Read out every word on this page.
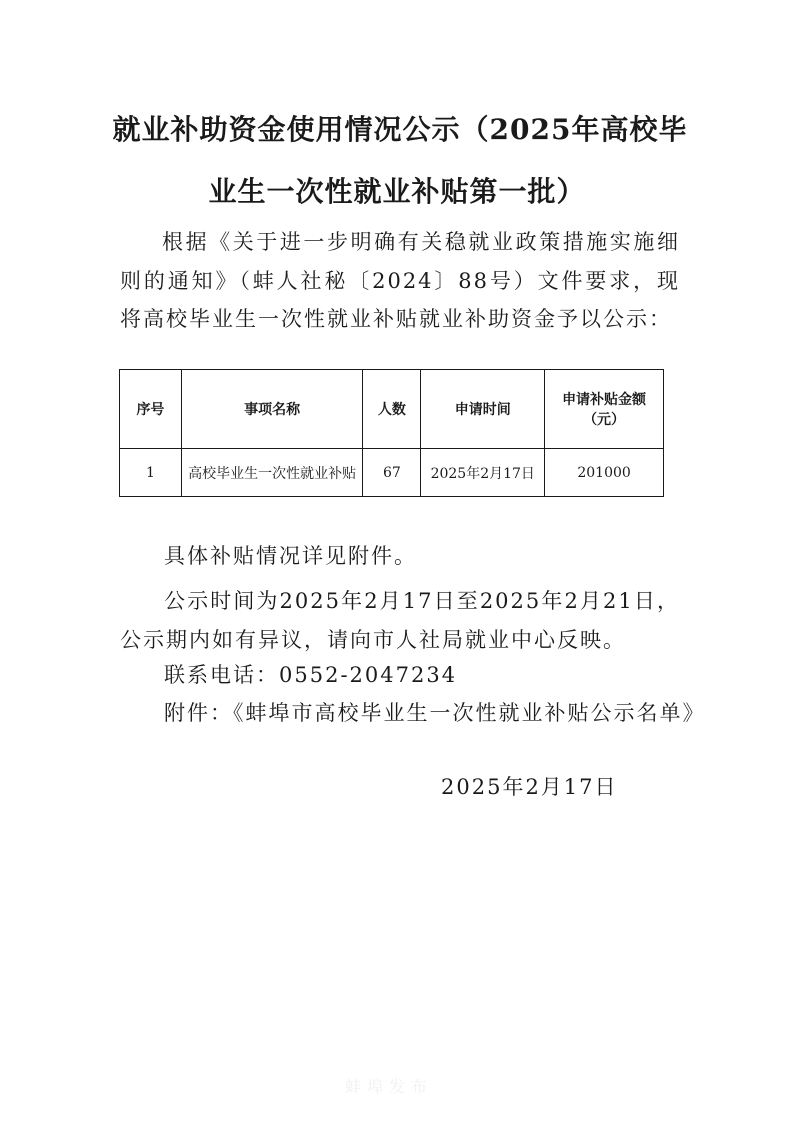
就业补助资金使用情况公示（2025年高校毕
业生一次性就业补贴第一批）
根据《关于进一步明确有关稳就业政策措施实施细则的通知》（蚌人社秘〔2024〕88号）文件要求，现将高校毕业生一次性就业补贴就业补助资金予以公示：
序号	事项名称	人数	申请时间	申请补贴金额（元）
1	高校毕业生一次性就业补贴	67	2025年2月17日	201000
具体补贴情况详见附件。
公示时间为2025年2月17日至2025年2月21日，公示期内如有异议，请向市人社局就业中心反映。
联系电话：0552-2047234
附件：《蚌埠市高校毕业生一次性就业补贴公示名单》
2025年2月17日
蚌埠发布
